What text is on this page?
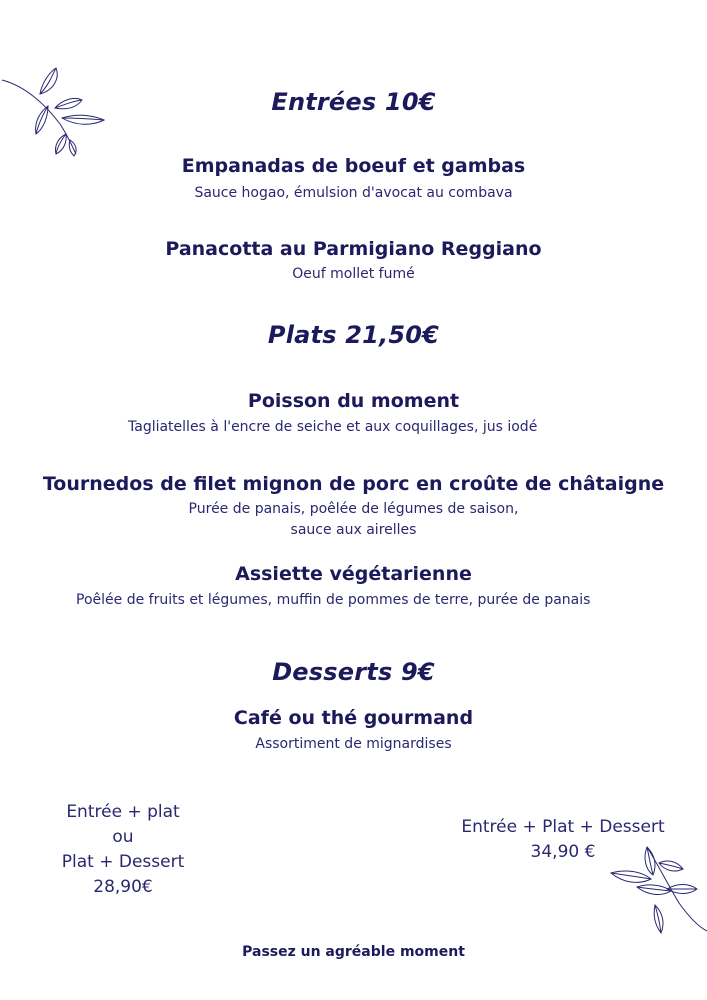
Entrées 10€
Empanadas de boeuf et gambas
Sauce hogao, émulsion d'avocat au combava
Panacotta au Parmigiano Reggiano
Oeuf mollet fumé
Plats 21,50€
Poisson du moment
Tagliatelles à l'encre de seiche et aux coquillages, jus iodé
Tournedos de filet mignon de porc en croûte de châtaigne
Purée de panais, poêlée de légumes de saison,
sauce aux airelles
Assiette végétarienne
Poêlée de fruits et légumes, muffin de pommes de terre, purée de panais
Desserts 9€
Café ou thé gourmand
Assortiment de mignardises
Entrée + plat
ou
Plat + Dessert
28,90€
Entrée + Plat + Dessert
34,90 €
Passez un agréable moment
